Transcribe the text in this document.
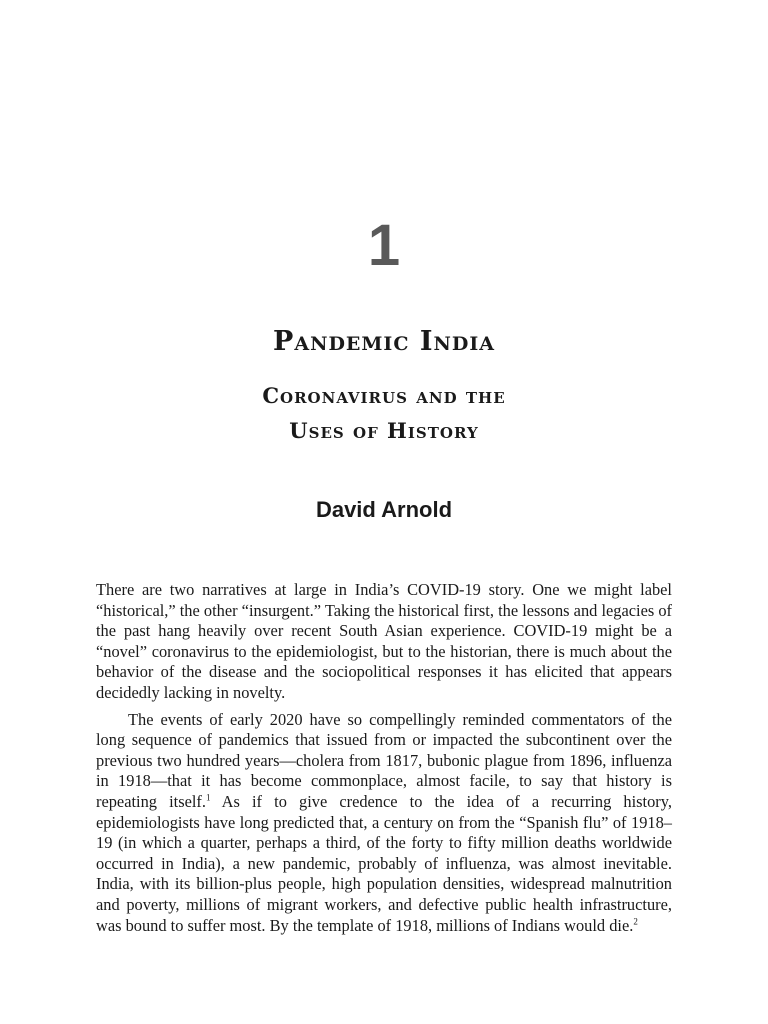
1
Pandemic India
Coronavirus and the
Uses of History
David Arnold

There are two narratives at large in India’s COVID-19 story. One we might label “historical,” the other “insurgent.” Taking the historical first, the lessons and legacies of the past hang heavily over recent South Asian experience. COVID-19 might be a “novel” coronavirus to the epidemiologist, but to the historian, there is much about the behavior of the disease and the sociopolitical responses it has elicited that appears decidedly lacking in novelty.

The events of early 2020 have so compellingly reminded commentators of the long sequence of pandemics that issued from or impacted the subcontinent over the previous two hundred years—cholera from 1817, bubonic plague from 1896, influenza in 1918—that it has become commonplace, almost facile, to say that history is repeating itself.$^1$ As if to give credence to the idea of a recurring history, epidemiologists have long predicted that, a century on from the “Spanish flu” of 1918–19 (in which a quarter, perhaps a third, of the forty to fifty million deaths worldwide occurred in India), a new pandemic, probably of influenza, was almost inevitable. India, with its billion-plus people, high population densities, widespread malnutrition and poverty, millions of migrant workers, and defective public health infrastructure, was bound to suffer most. By the template of 1918, millions of Indians would die.$^2$
